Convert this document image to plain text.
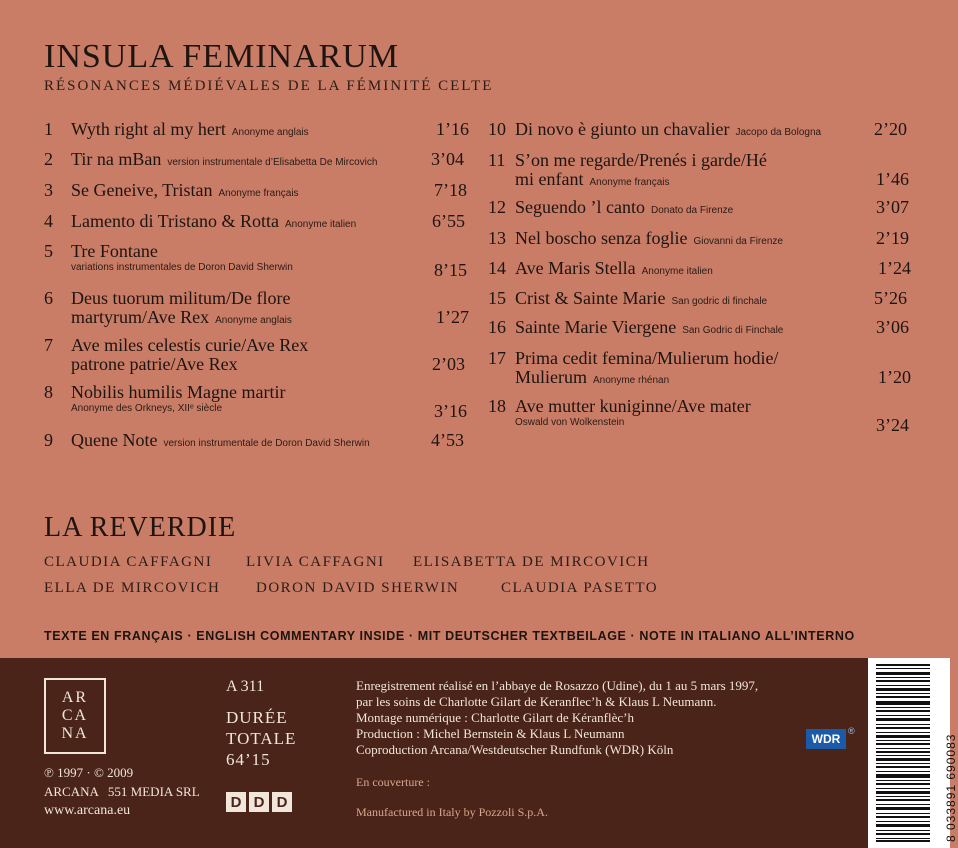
INSULA FEMINARUM
RÉSONANCES MÉDIÉVALES DE LA FÉMINITÉ CELTE
1 Wyth right al my hert Anonyme anglais	1’16
2 Tir na mBan version instrumentale d’Elisabetta De Mircovich	3’04
3 Se Geneive, Tristan Anonyme français	7’18
4 Lamento di Tristano & Rotta Anonyme italien	6’55
5 Tre Fontane
variations instrumentales de Doron David Sherwin	8’15
6 Deus tuorum militum/De flore
martyrum/Ave Rex Anonyme anglais	1’27
7 Ave miles celestis curie/Ave Rex
patrone patrie/Ave Rex	2’03
8 Nobilis humilis Magne martir
Anonyme des Orkneys, XIIᵉ siècle	3’16
9 Quene Note version instrumentale de Doron David Sherwin	4’53
10 Di novo è giunto un chavalier Jacopo da Bologna	2’20
11 S’on me regarde/Prenés i garde/Hé
mi enfant Anonyme français	1’46
12 Seguendo ’l canto Donato da Firenze	3’07
13 Nel boscho senza foglie Giovanni da Firenze	2’19
14 Ave Maris Stella Anonyme italien	1’24
15 Crist & Sainte Marie San godric di finchale	5’26
16 Sainte Marie Viergene San Godric di Finchale	3’06
17 Prima cedit femina/Mulierum hodie/
Mulierum Anonyme rhénan	1’20
18 Ave mutter kuniginne/Ave mater
Oswald von Wolkenstein	3’24
LA REVERDIE
CLAUDIA CAFFAGNI LIVIA CAFFAGNI ELISABETTA DE MIRCOVICH
ELLA DE MIRCOVICH DORON DAVID SHERWIN	CLAUDIA PASETTO
TEXTE EN FRANÇAIS · ENGLISH COMMENTARY INSIDE · MIT DEUTSCHER TEXTBEILAGE · NOTE IN ITALIANO ALL’INTERNO
AR
CA
NA
℗ 1997 · © 2009
ARCANA   551 MEDIA SRL
www.arcana.eu
A 311
DURÉE
TOTALE
64’15
D D D
Enregistrement réalisé en l’abbaye de Rosazzo (Udine), du 1 au 5 mars 1997,
par les soins de Charlotte Gilart de Keranflec’h & Klaus L Neumann.
Montage numérique : Charlotte Gilart de Kéranflèc’h
Production : Michel Bernstein & Klaus L Neumann
Coproduction Arcana/Westdeutscher Rundfunk (WDR) Köln
En couverture :
Manufactured in Italy by Pozzoli S.p.A.
WDR
®
8 033891 690083
